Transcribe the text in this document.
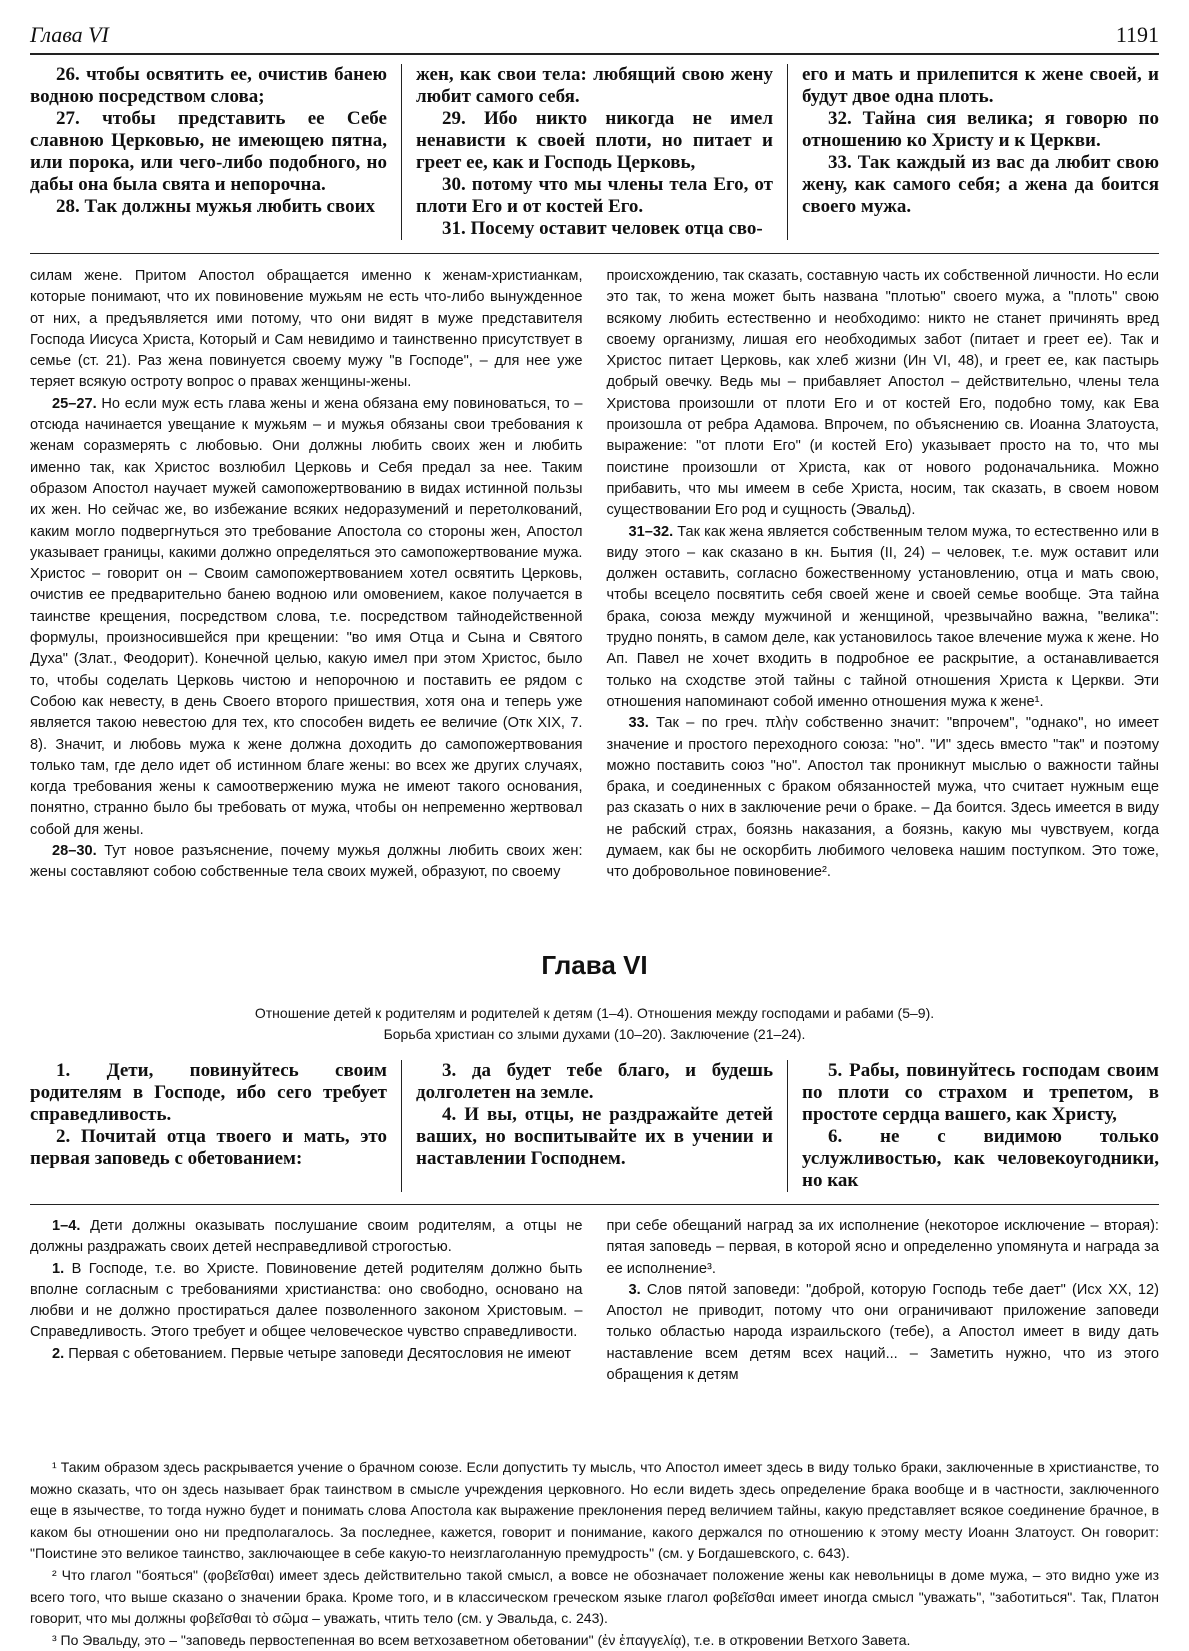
Глава VI	1191

26. чтобы освятить ее, очистив банею водною посредством слова;

27. чтобы представить ее Себе славною Церковью, не имеющею пятна, или порока, или чего-либо подобного, но дабы она была свята и непорочна.

28. Так должны мужья любить своих

жен, как свои тела: любящий свою жену любит самого себя.

29. Ибо никто никогда не имел ненависти к своей плоти, но питает и греет ее, как и Господь Церковь,

30. потому что мы члены тела Его, от плоти Его и от костей Его.

31. Посему оставит человек отца сво-

его и мать и прилепится к жене своей, и будут двое одна плоть.

32. Тайна сия велика; я говорю по отношению ко Христу и к Церкви.

33. Так каждый из вас да любит свою жену, как самого себя; а жена да боится своего мужа.

силам жене. Притом Апостол обращается именно к женам-христианкам, которые понимают, что их повиновение мужьям не есть что-либо вынужденное от них, а предъявляется ими потому, что они видят в муже представителя Господа Иисуса Христа, Который и Сам невидимо и таинственно присутствует в семье (ст. 21). Раз жена повинуется своему мужу "в Господе", – для нее уже теряет всякую остроту вопрос о правах женщины-жены.

25–27. Но если муж есть глава жены и жена обязана ему повиноваться, то – отсюда начинается увещание к мужьям – и мужья обязаны свои требования к женам соразмерять с любовью. Они должны любить своих жен и любить именно так, как Христос возлюбил Церковь и Себя предал за нее. Таким образом Апостол научает мужей самопожертвованию в видах истинной пользы их жен. Но сейчас же, во избежание всяких недоразумений и перетолкований, каким могло подвергнуться это требование Апостола со стороны жен, Апостол указывает границы, какими должно определяться это самопожертвование мужа. Христос – говорит он – Своим самопожертвованием хотел освятить Церковь, очистив ее предварительно банею водною или омовением, какое получается в таинстве крещения, посредством слова, т.е. посредством тайнодейственной формулы, произносившейся при крещении: "во имя Отца и Сына и Святого Духа" (Злат., Феодорит). Конечной целью, какую имел при этом Христос, было то, чтобы соделать Церковь чистою и непорочною и поставить ее рядом с Собою как невесту, в день Своего второго пришествия, хотя она и теперь уже является такою невестою для тех, кто способен видеть ее величие (Отк XIX, 7. 8). Значит, и любовь мужа к жене должна доходить до самопожертвования только там, где дело идет об истинном благе жены: во всех же других случаях, когда требования жены к самоотвержению мужа не имеют такого основания, понятно, странно было бы требовать от мужа, чтобы он непременно жертвовал собой для жены.

28–30. Тут новое разъяснение, почему мужья должны любить своих жен: жены составляют собою собственные тела своих мужей, образуют, по своему

происхождению, так сказать, составную часть их собственной личности. Но если это так, то жена может быть названа "плотью" своего мужа, а "плоть" свою всякому любить естественно и необходимо: никто не станет причинять вред своему организму, лишая его необходимых забот (питает и греет ее). Так и Христос питает Церковь, как хлеб жизни (Ин VI, 48), и греет ее, как пастырь добрый овечку. Ведь мы – прибавляет Апостол – действительно, члены тела Христова произошли от плоти Его и от костей Его, подобно тому, как Ева произошла от ребра Адамова. Впрочем, по объяснению св. Иоанна Златоуста, выражение: "от плоти Его" (и костей Его) указывает просто на то, что мы поистине произошли от Христа, как от нового родоначальника. Можно прибавить, что мы имеем в себе Христа, носим, так сказать, в своем новом существовании Его род и сущность (Эвальд).

31–32. Так как жена является собственным телом мужа, то естественно или в виду этого – как сказано в кн. Бытия (II, 24) – человек, т.е. муж оставит или должен оставить, согласно божественному установлению, отца и мать свою, чтобы всецело посвятить себя своей жене и своей семье вообще. Эта тайна брака, союза между мужчиной и женщиной, чрезвычайно важна, "велика": трудно понять, в самом деле, как установилось такое влечение мужа к жене. Но Ап. Павел не хочет входить в подробное ее раскрытие, а останавливается только на сходстве этой тайны с тайной отношения Христа к Церкви. Эти отношения напоминают собой именно отношения мужа к жене¹.

33. Так – по греч. πλὴν собственно значит: "впрочем", "однако", но имеет значение и простого переходного союза: "но". "И" здесь вместо "так" и поэтому можно поставить союз "но". Апостол так проникнут мыслью о важности тайны брака, и соединенных с браком обязанностей мужа, что считает нужным еще раз сказать о них в заключение речи о браке. – Да боится. Здесь имеется в виду не рабский страх, боязнь наказания, а боязнь, какую мы чувствуем, когда думаем, как бы не оскорбить любимого человека нашим поступком. Это тоже, что добровольное повиновение².

Глава VI
Отношение детей к родителям и родителей к детям (1–4). Отношения между господами и рабами (5–9).
Борьба христиан со злыми духами (10–20). Заключение (21–24).

1. Дети, повинуйтесь своим родителям в Господе, ибо сего требует справедливость.

2. Почитай отца твоего и мать, это первая заповедь с обетованием:

3. да будет тебе благо, и будешь долголетен на земле.

4. И вы, отцы, не раздражайте детей ваших, но воспитывайте их в учении и наставлении Господнем.

5. Рабы, повинуйтесь господам своим по плоти со страхом и трепетом, в простоте сердца вашего, как Христу,

6. не с видимою только услужливостью, как человекоугодники, но как

1–4. Дети должны оказывать послушание своим родителям, а отцы не должны раздражать своих детей несправедливой строгостью.

1. В Господе, т.е. во Христе. Повиновение детей родителям должно быть вполне согласным с требованиями христианства: оно свободно, основано на любви и не должно простираться далее позволенного законом Христовым. – Справедливость. Этого требует и общее человеческое чувство справедливости.

2. Первая с обетованием. Первые четыре заповеди Десятословия не имеют

при себе обещаний наград за их исполнение (некоторое исключение – вторая): пятая заповедь – первая, в которой ясно и определенно упомянута и награда за ее исполнение³.

3. Слов пятой заповеди: "доброй, которую Господь тебе дает" (Исх XX, 12) Апостол не приводит, потому что они ограничивают приложение заповеди только областью народа израильского (тебе), а Апостол имеет в виду дать наставление всем детям всех наций... – Заметить нужно, что из этого обращения к детям

¹ Таким образом здесь раскрывается учение о брачном союзе. Если допустить ту мысль, что Апостол имеет здесь в виду только браки, заключенные в христианстве, то можно сказать, что он здесь называет брак таинством в смысле учреждения церковного. Но если видеть здесь определение брака вообще и в частности, заключенного еще в язычестве, то тогда нужно будет и понимать слова Апостола как выражение преклонения перед величием тайны, какую представляет всякое соединение брачное, в каком бы отношении оно ни предполагалось. За последнее, кажется, говорит и понимание, какого держался по отношению к этому месту Иоанн Златоуст. Он говорит: "Поистине это великое таинство, заключающее в себе какую-то неизглаголанную премудрость" (см. у Богдашевского, с. 643).

² Что глагол "бояться" (φοβεῖσθαι) имеет здесь действительно такой смысл, а вовсе не обозначает положение жены как невольницы в доме мужа, – это видно уже из всего того, что выше сказано о значении брака. Кроме того, и в классическом греческом языке глагол φοβεῖσθαι имеет иногда смысл "уважать", "заботиться". Так, Платон говорит, что мы должны φοβεῖσθαι τὸ σῶμα – уважать, чтить тело (см. у Эвальда, с. 243).

³ По Эвальду, это – "заповедь первостепенная во всем ветхозаветном обетовании" (ἐν ἐπαγγελίᾳ), т.е. в откровении Ветхого Завета.
